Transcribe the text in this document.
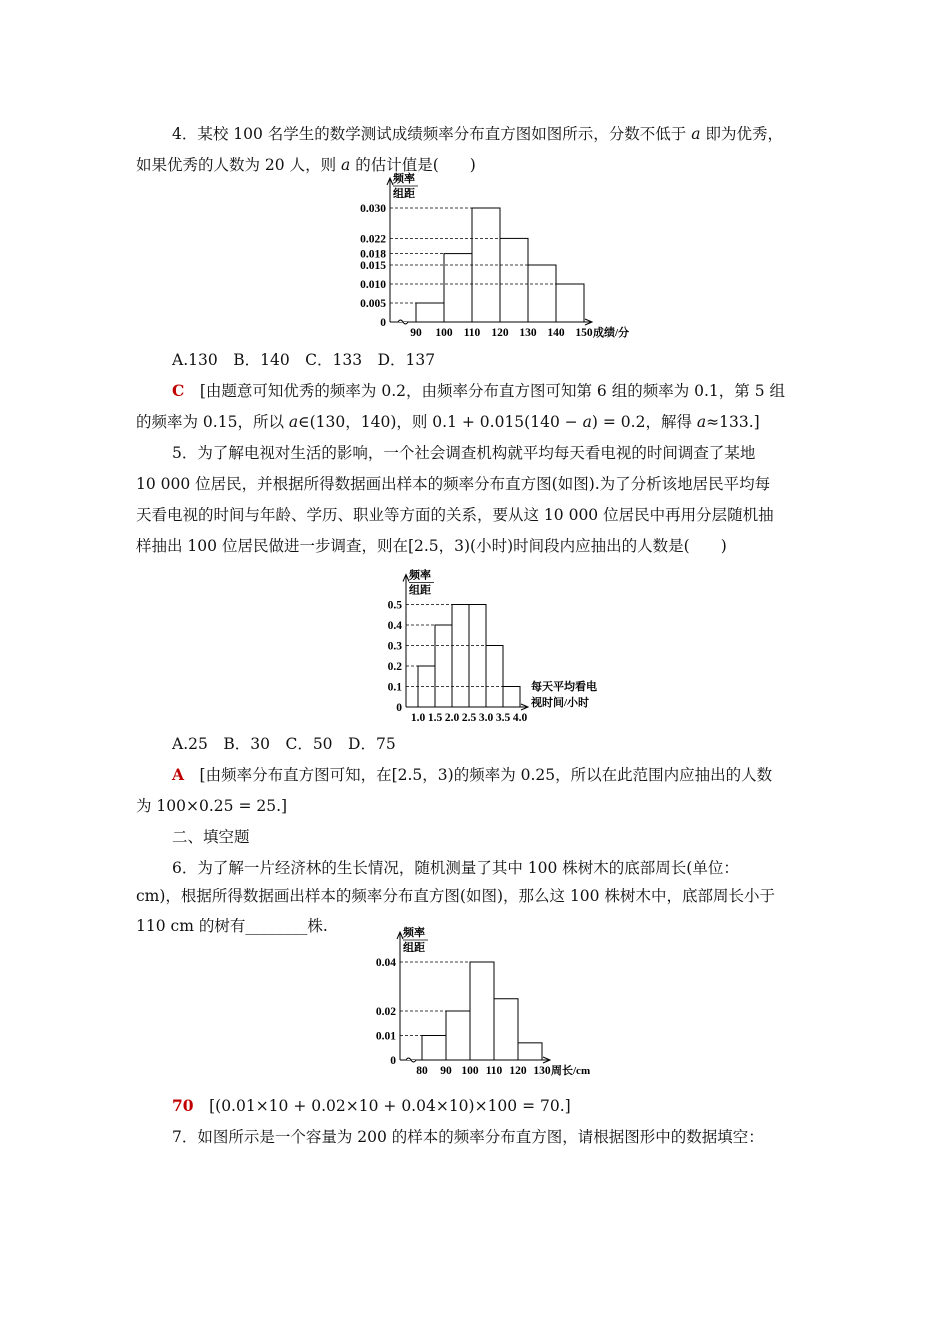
4．某校 100 名学生的数学测试成绩频率分布直方图如图所示，分数不低于 a 即为优秀，
如果优秀的人数为 20 人，则 a 的估计值是(　　)
频率
组距
0
0.030
0.022
0.018
0.015
0.010
0.005
90 100 110 120 130 140 150 成绩/分
A.130　B．140　C．133　D．137
C　 [由题意可知优秀的频率为 0.2，由频率分布直方图可知第 6 组的频率为 0.1，第 5 组
的频率为 0.15，所以 a∈(130，140)，则 0.1 + 0.015(140 − a) = 0.2，解得 a≈133.]
5．为了解电视对生活的影响，一个社会调查机构就平均每天看电视的时间调查了某地
10 000 位居民，并根据所得数据画出样本的频率分布直方图(如图).为了分析该地居民平均每
天看电视的时间与年龄、学历、职业等方面的关系，要从这 10 000 位居民中再用分层随机抽
样抽出 100 位居民做进一步调查，则在[2.5，3)(小时)时间段内应抽出的人数是(　　)
频率
组距
0
0.5
0.4
0.3
0.2
0.1
1.0 1.5 2.0 2.5 3.0 3.5 4.0
每天平均看电
视时间/小时
A.25　B．30　C．50　D．75
A　 [由频率分布直方图可知，在[2.5，3)的频率为 0.25，所以在此范围内应抽出的人数
为 100×0.25 = 25.]
二、填空题
6．为了解一片经济林的生长情况，随机测量了其中 100 株树木的底部周长(单位：
cm)，根据所得数据画出样本的频率分布直方图(如图)，那么这 100 株树木中，底部周长小于
110 cm 的树有________株.	频率
组距
0
0.04
0.02
0.01
80 90 100 110 120 130 周长/cm
70　 [(0.01×10 + 0.02×10 + 0.04×10)×100 = 70.]
7．如图所示是一个容量为 200 的样本的频率分布直方图，请根据图形中的数据填空：
